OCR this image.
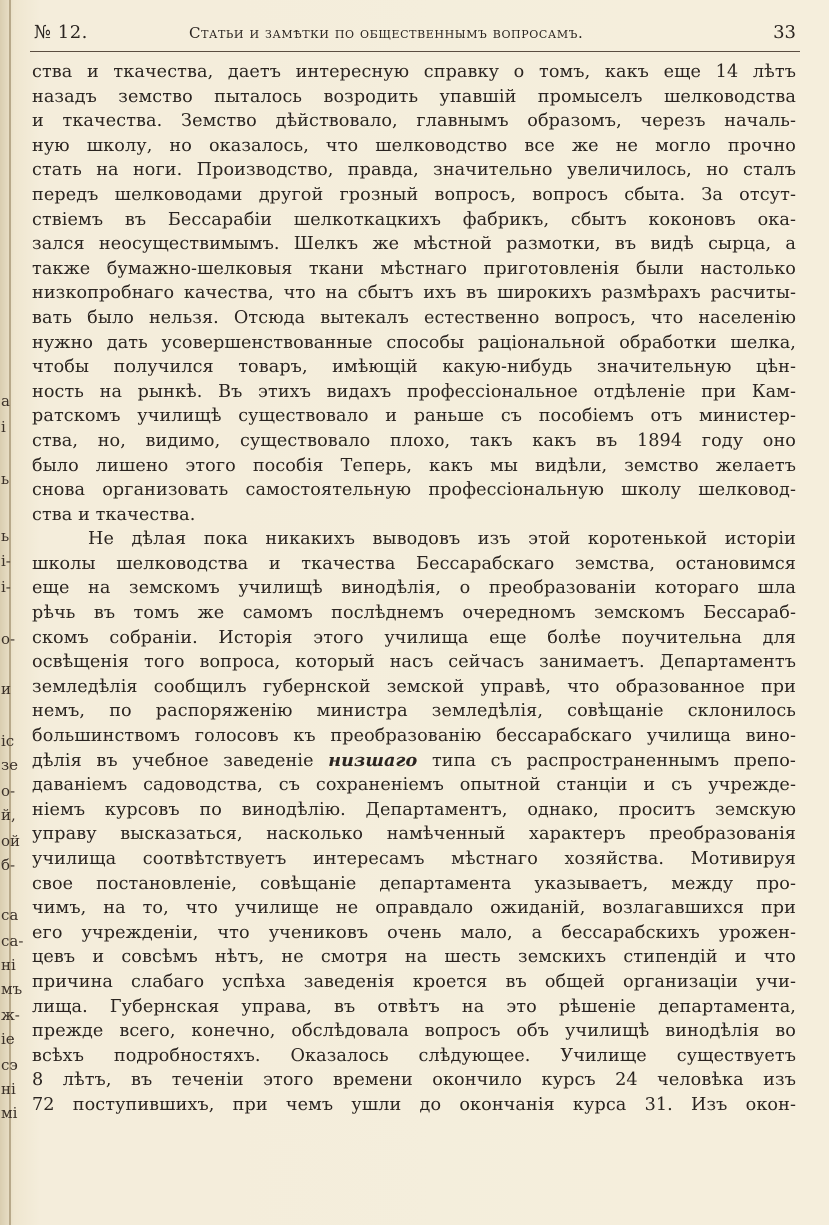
а
і
ь
ь
і-
і-
о-
и
іс
зе
о-
й,
ой
б-
са
са-
ні
мъ
ж-
ie
сэ
ні
мі
№ 12.	Статьи и замѣтки по общественнымъ вопросамъ.	33
ства и ткачества, даетъ интересную справку о томъ, какъ еще 14 лѣтъ
назадъ земство пыталось возродить упавшій промыселъ шелководства
и ткачества. Земство дѣйствовало, главнымъ образомъ, черезъ началь-
ную школу, но оказалось, что шелководство все же не могло прочно
стать на ноги. Производство, правда, значительно увеличилось, но сталъ
передъ шелководами другой грозный вопросъ, вопросъ сбыта. За отсут-
ствіемъ въ Бессарабіи шелкоткацкихъ фабрикъ, сбытъ коконовъ ока-
зался неосуществимымъ. Шелкъ же мѣстной размотки, въ видѣ сырца, а
также бумажно-шелковыя ткани мѣстнаго приготовленія были настолько
низкопробнаго качества, что на сбытъ ихъ въ широкихъ размѣрахъ расчиты-
вать было нельзя. Отсюда вытекалъ естественно вопросъ, что населенію
нужно дать усовершенствованные способы раціональной обработки шелка,
чтобы получился товаръ, имѣющій какую-нибудь значительную цѣн-
ность на рынкѣ. Въ этихъ видахъ профессіональное отдѣленіе при Кам-
ратскомъ училищѣ существовало и раньше съ пособіемъ отъ министер-
ства, но, видимо, существовало плохо, такъ какъ въ 1894 году оно
было лишено этого пособія Теперь, какъ мы видѣли, земство желаетъ
снова организовать самостоятельную профессіональную школу шелковод-
ства и ткачества.
Не дѣлая пока никакихъ выводовъ изъ этой коротенькой исторіи
школы шелководства и ткачества Бессарабскаго земства, остановимся
еще на земскомъ училищѣ винодѣлія, о преобразованіи котораго шла
рѣчь въ томъ же самомъ послѣднемъ очередномъ земскомъ Бессараб-
скомъ собраніи. Исторія этого училища еще болѣе поучительна для
освѣщенія того вопроса, который насъ сейчасъ занимаетъ. Департаментъ
земледѣлія сообщилъ губернской земской управѣ, что образованное при
немъ, по распоряженію министра земледѣлія, совѣщаніе склонилось
большинствомъ голосовъ къ преобразованію бессарабскаго училища вино-
дѣлія въ учебное заведеніе низшаго типа съ распространеннымъ препо-
даваніемъ садоводства, съ сохраненіемъ опытной станціи и съ учрежде-
ніемъ курсовъ по винодѣлію. Департаментъ, однако, проситъ земскую
управу высказаться, насколько намѣченный характеръ преобразованія
училища соотвѣтствуетъ интересамъ мѣстнаго хозяйства. Мотивируя
свое постановленіе, совѣщаніе департамента указываетъ, между про-
чимъ, на то, что училище не оправдало ожиданій, возлагавшихся при
его учрежденіи, что учениковъ очень мало, а бессарабскихъ урожен-
цевъ и совсѣмъ нѣтъ, не смотря на шесть земскихъ стипендій и что
причина слабаго успѣха заведенія кроется въ общей организаціи учи-
лища. Губернская управа, въ отвѣтъ на это рѣшеніе департамента,
прежде всего, конечно, обслѣдовала вопросъ объ училищѣ винодѣлія во
всѣхъ подробностяхъ. Оказалось слѣдующее. Училище существуетъ
8 лѣтъ, въ теченіи этого времени окончило курсъ 24 человѣка изъ
72 поступившихъ, при чемъ ушли до окончанія курса 31. Изъ окон-
